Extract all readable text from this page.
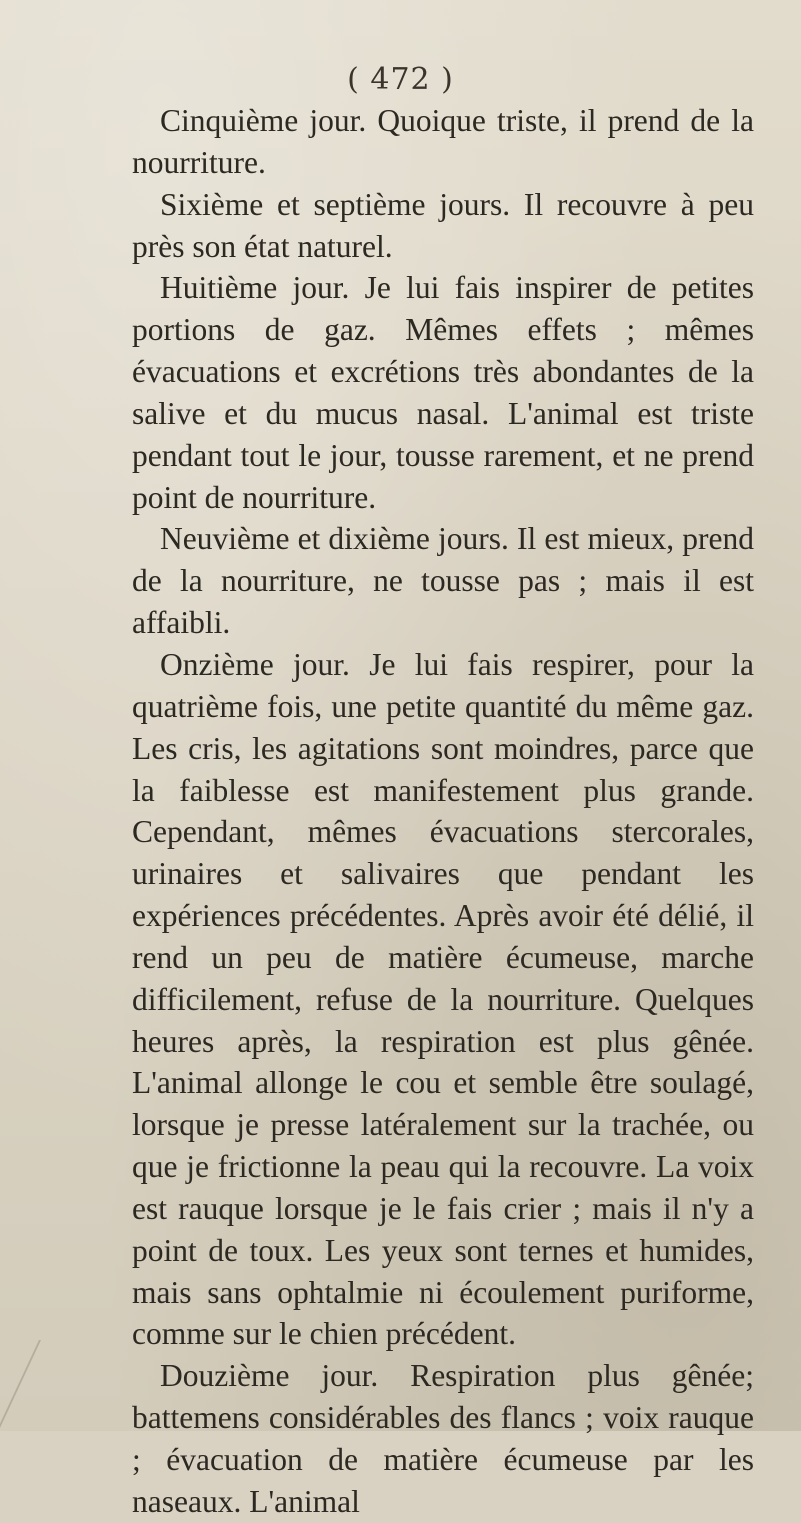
( 472 )

Cinquième jour. Quoique triste, il prend de la nourriture.

Sixième et septième jours. Il recouvre à peu près son état naturel.

Huitième jour. Je lui fais inspirer de petites portions de gaz. Mêmes effets ; mêmes évacuations et excrétions très abondantes de la salive et du mucus nasal. L'animal est triste pendant tout le jour, tousse rarement, et ne prend point de nourriture.

Neuvième et dixième jours. Il est mieux, prend de la nourriture, ne tousse pas ; mais il est affaibli.

Onzième jour. Je lui fais respirer, pour la quatrième fois, une petite quantité du même gaz. Les cris, les agitations sont moindres, parce que la faiblesse est manifestement plus grande. Cependant, mêmes évacuations stercorales, urinaires et salivaires que pendant les expériences précédentes. Après avoir été délié, il rend un peu de matière écumeuse, marche difficilement, refuse de la nourriture. Quelques heures après, la respiration est plus gênée. L'animal allonge le cou et semble être soulagé, lorsque je presse latéralement sur la trachée, ou que je frictionne la peau qui la recouvre. La voix est rauque lorsque je le fais crier ; mais il n'y a point de toux. Les yeux sont ternes et humides, mais sans ophtalmie ni écoulement puriforme, comme sur le chien précédent.

Douzième jour. Respiration plus gênée; battemens considérables des flancs ; voix rauque ; évacuation de matière écumeuse par les naseaux. L'animal
